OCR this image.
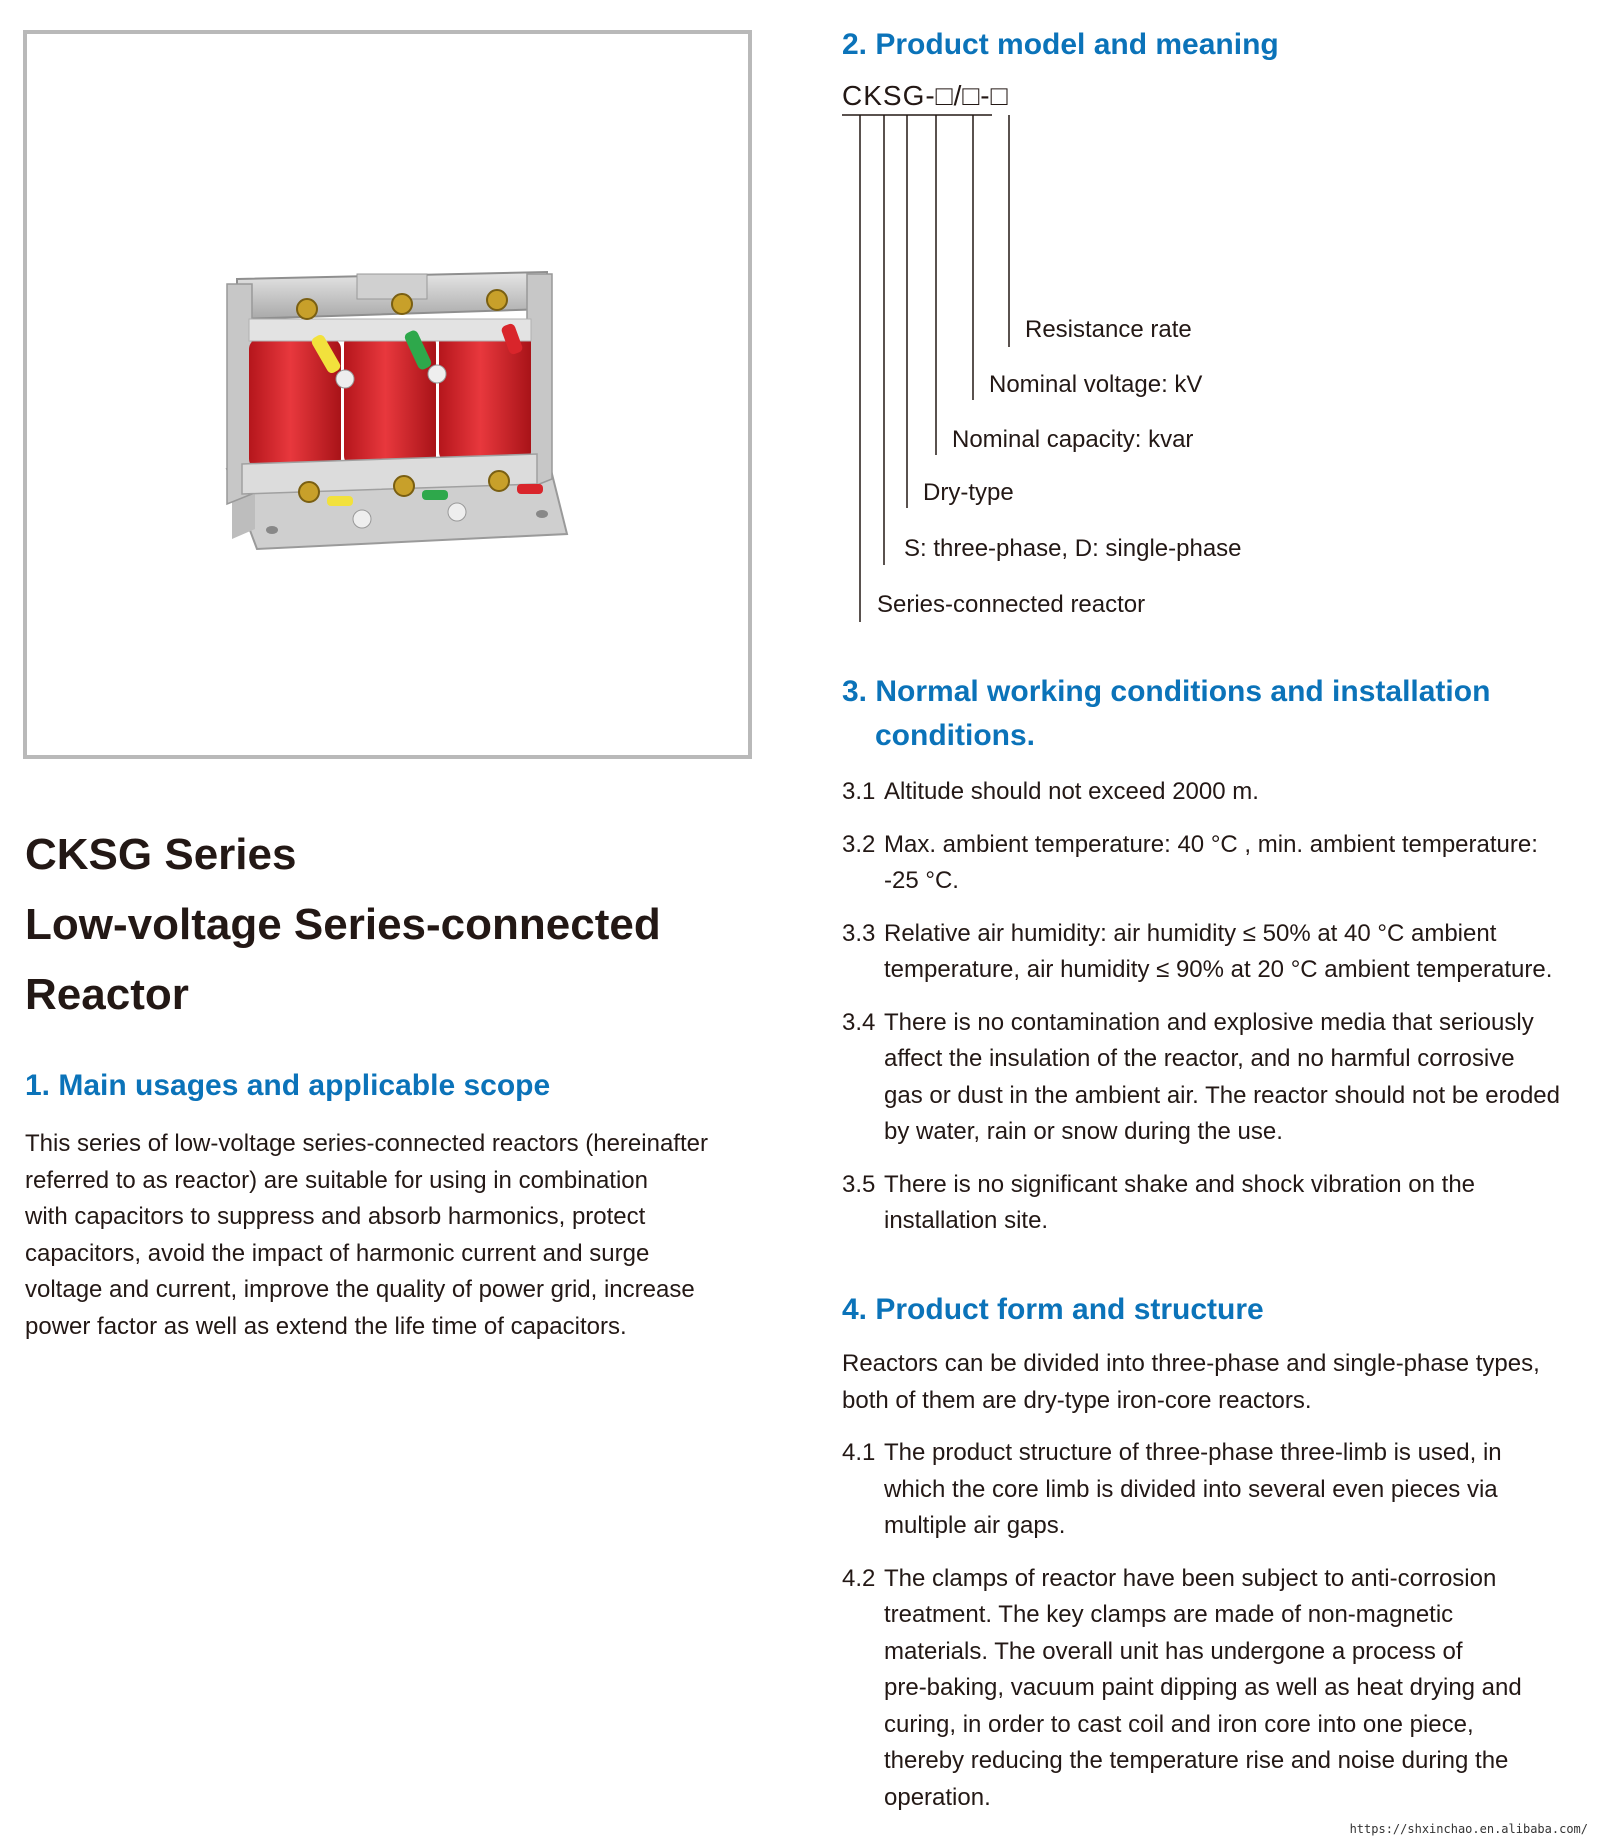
CKSG Series
Low-voltage Series-connected
Reactor
1. Main usages and applicable scope
This series of low-voltage series-connected reactors (hereinafter
referred to as reactor) are suitable for using in combination
with capacitors to suppress and absorb harmonics, protect
capacitors, avoid the impact of harmonic current and surge
voltage and current, improve the quality of power grid, increase
power factor as well as extend the life time of capacitors.
2. Product model and meaning
CKSG-□/□-□
Resistance rate
Nominal voltage: kV
Nominal capacity: kvar
Dry-type
S: three-phase, D: single-phase
Series-connected reactor
3. Normal working conditions and installation
conditions.
3.1 Altitude should not exceed 2000 m.
3.2 Max. ambient temperature: 40 °C , min. ambient temperature:
-25 °C.
3.3 Relative air humidity: air humidity ≤ 50% at 40 °C ambient
temperature, air humidity ≤ 90% at 20 °C ambient temperature.
3.4 There is no contamination and explosive media that seriously
affect the insulation of the reactor, and no harmful corrosive
gas or dust in the ambient air. The reactor should not be eroded
by water, rain or snow during the use.
3.5 There is no significant shake and shock vibration on the
installation site.
4. Product form and structure
Reactors can be divided into three-phase and single-phase types,
both of them are dry-type iron-core reactors.
4.1 The product structure of three-phase three-limb is used, in
which the core limb is divided into several even pieces via
multiple air gaps.
4.2 The clamps of reactor have been subject to anti-corrosion
treatment. The key clamps are made of non-magnetic
materials. The overall unit has undergone a process of
pre-baking, vacuum paint dipping as well as heat drying and
curing, in order to cast coil and iron core into one piece,
thereby reducing the temperature rise and noise during the
operation.
https://shxinchao.en.alibaba.com/
